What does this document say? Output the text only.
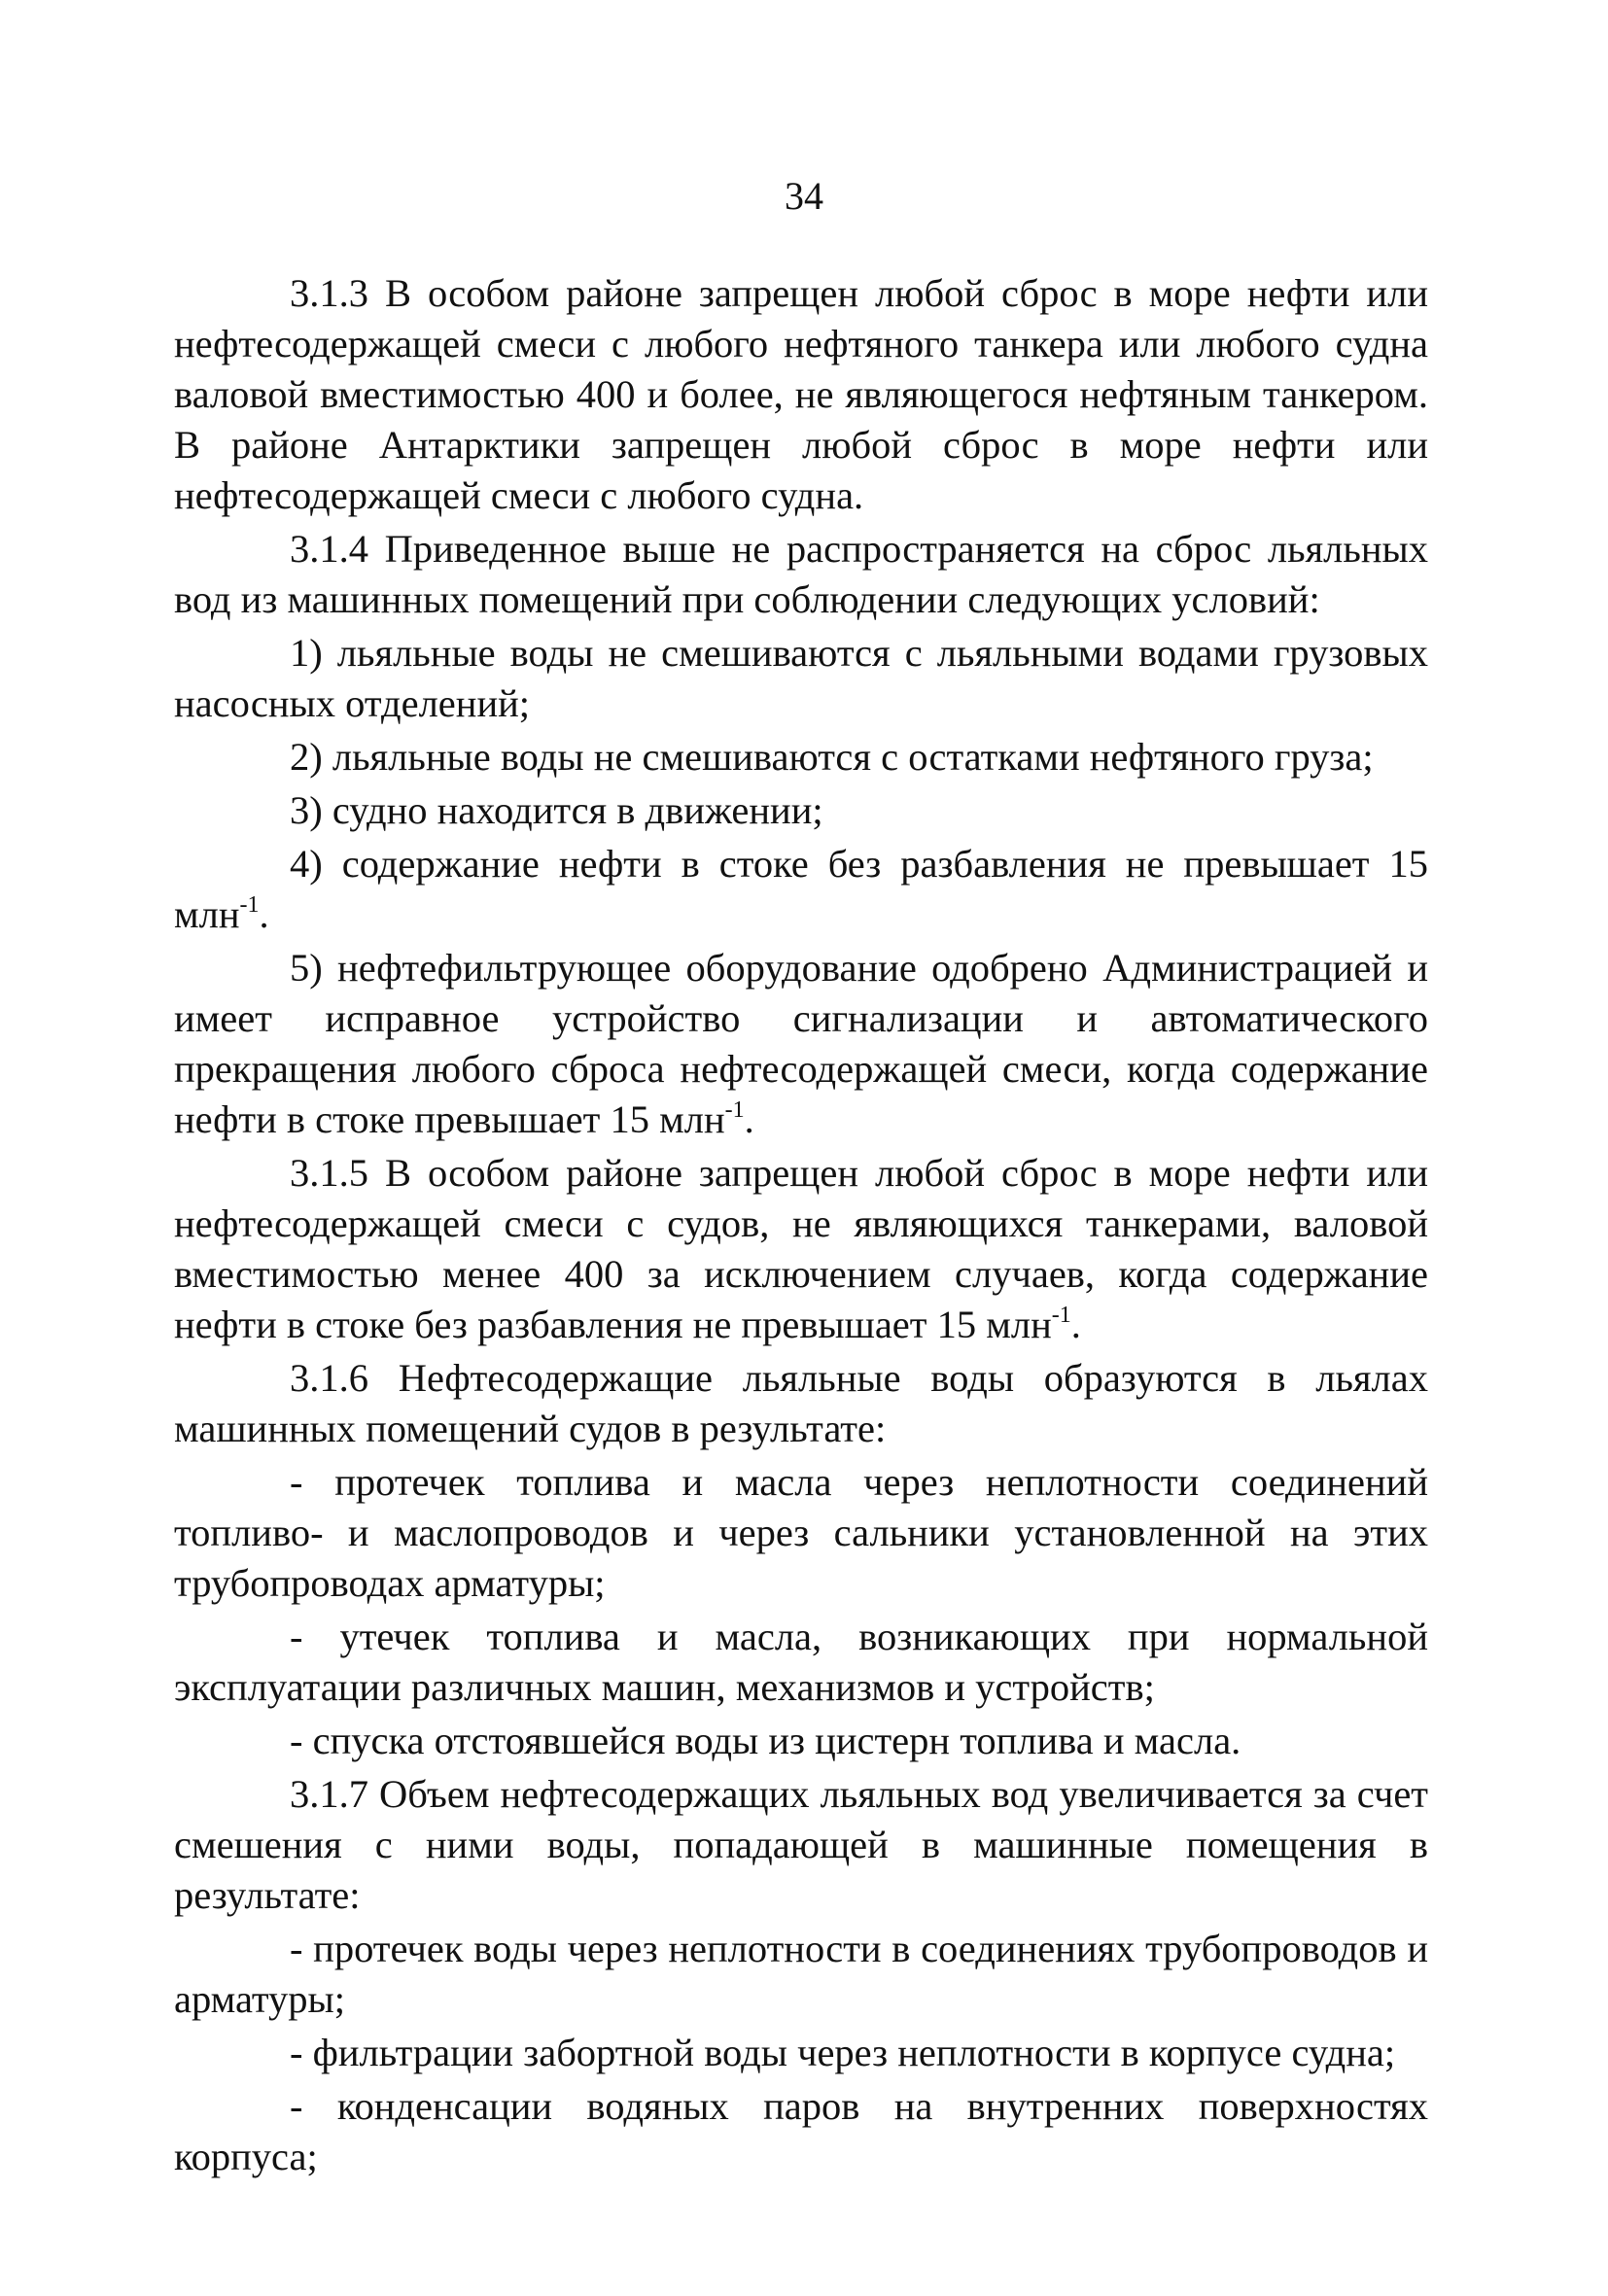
34

3.1.3 В особом районе запрещен любой сброс в море нефти или нефтесодержащей смеси с любого нефтяного танкера или любого судна валовой вместимостью 400 и более, не являющегося нефтяным танкером. В районе Антарктики запрещен любой сброс в море нефти или нефтесодержащей смеси с любого судна.

3.1.4 Приведенное выше не распространяется на сброс льяльных вод из машинных помещений при соблюдении следующих условий:

1) льяльные воды не смешиваются с льяльными водами грузовых насосных отделений;

2) льяльные воды не смешиваются с остатками нефтяного груза;

3) судно находится в движении;

4) содержание нефти в стоке без разбавления не превышает 15 млн$^{-1}$.

5) нефтефильтрующее оборудование одобрено Администрацией и имеет исправное устройство сигнализации и автоматического прекращения любого сброса нефтесодержащей смеси, когда содержание нефти в стоке превышает 15 млн$^{-1}$.

3.1.5 В особом районе запрещен любой сброс в море нефти или нефтесодержащей смеси с судов, не являющихся танкерами, валовой вместимостью менее 400 за исключением случаев, когда содержание нефти в стоке без разбавления не превышает 15 млн$^{-1}$.

3.1.6 Нефтесодержащие льяльные воды образуются в льялах машинных помещений судов в результате:

- протечек топлива и масла через неплотности соединений топливо- и маслопроводов и через сальники установленной на этих трубопроводах арматуры;

- утечек топлива и масла, возникающих при нормальной эксплуатации различных машин, механизмов и устройств;

- спуска отстоявшейся воды из цистерн топлива и масла.

3.1.7 Объем нефтесодержащих льяльных вод увеличивается за счет смешения с ними воды, попадающей в машинные помещения в результате:

- протечек воды через неплотности в соединениях трубопроводов и арматуры;

- фильтрации забортной воды через неплотности в корпусе судна;

- конденсации водяных паров на внутренних поверхностях корпуса;
